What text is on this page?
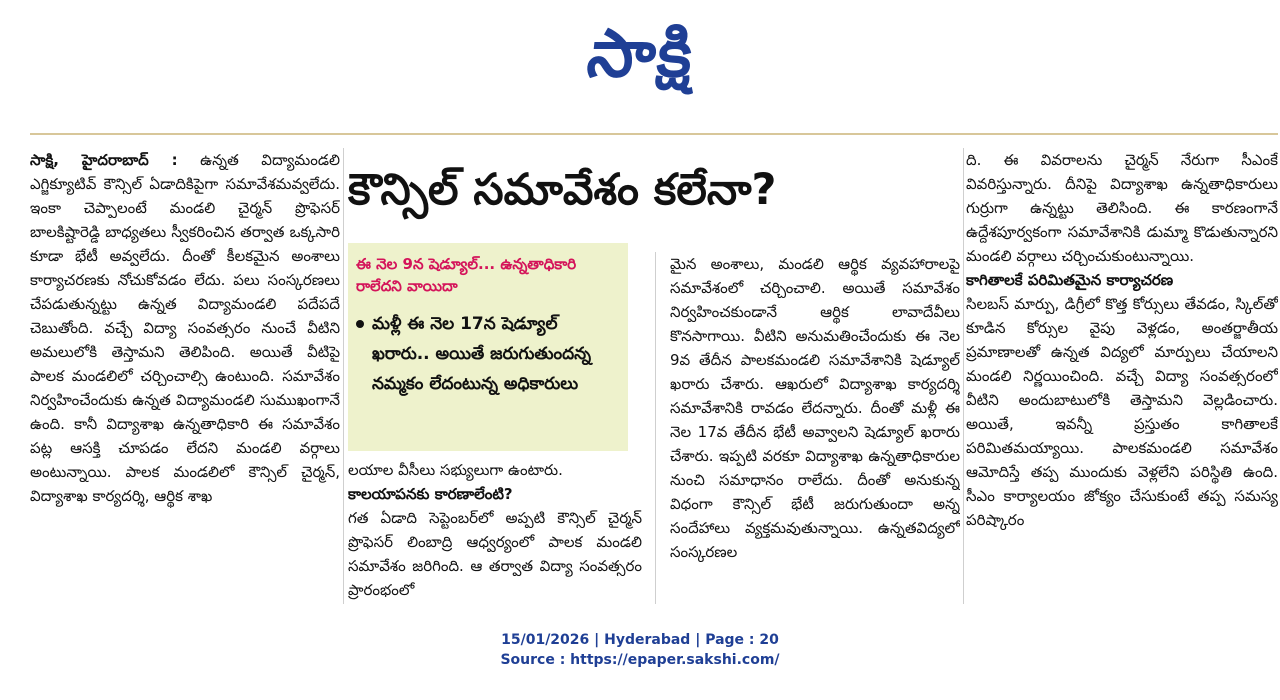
సాక్షి

సాక్షి, హైదరాబాద్ : ఉన్నత విద్యామండలి ఎగ్జిక్యూటివ్ కౌన్సిల్ ఏడాదికిపైగా సమావేశమవ్వలేదు. ఇంకా చెప్పాలంటే మండలి చైర్మన్ ప్రొఫెసర్ బాలకిష్టారెడ్డి బాధ్యతలు స్వీకరించిన తర్వాత ఒక్కసారి కూడా భేటీ అవ్వలేదు. దీంతో కీలకమైన అంశాలు కార్యాచరణకు నోచుకోవడం లేదు. పలు సంస్కరణలు చేపడుతున్నట్టు ఉన్నత విద్యామండలి పదేపదే చెబుతోంది. వచ్చే విద్యా సంవత్సరం నుంచే వీటిని అమలులోకి తెస్తామని తెలిపింది. అయితే వీటిపై పాలక మండలిలో చర్చించాల్సి ఉంటుంది. సమావేశం నిర్వహించేందుకు ఉన్నత విద్యామండలి సుముఖంగానే ఉంది. కానీ విద్యాశాఖ ఉన్నతాధికారి ఈ సమావేశం పట్ల ఆసక్తి చూపడం లేదని మండలి వర్గాలు అంటున్నాయి. పాలక మండలిలో కౌన్సిల్ చైర్మన్, విద్యాశాఖ కార్యదర్శి, ఆర్థిక శాఖ

కౌన్సిల్ సమావేశం కలేనా?
ఈ నెల 9న షెడ్యూల్... ఉన్నతాధికారి రాలేదని వాయిదా
మళ్లీ ఈ నెల 17న షెడ్యూల్ ఖరారు.. అయితే జరుగుతుందన్న నమ్మకం లేదంటున్న అధికారులు

లయాల వీసీలు సభ్యులుగా ఉంటారు.

కాలయాపనకు కారణాలేంటి?

గత ఏడాది సెప్టెంబర్‌లో అప్పటి కౌన్సిల్ చైర్మన్ ప్రొఫెసర్ లింబాద్రి ఆధ్వర్యంలో పాలక మండలి సమావేశం జరిగింది. ఆ తర్వాత విద్యా సంవత్సరం ప్రారంభంలో

మైన అంశాలు, మండలి ఆర్థిక వ్యవహారాలపై సమావేశంలో చర్చించాలి. అయితే సమావేశం నిర్వహించకుండానే ఆర్థిక లావాదేవీలు కొనసాగాయి. వీటిని అనుమతించేందుకు ఈ నెల 9వ తేదీన పాలకమండలి సమావేశానికి షెడ్యూల్ ఖరారు చేశారు. ఆఖరులో విద్యాశాఖ కార్యదర్శి సమావేశానికి రావడం లేదన్నారు. దీంతో మళ్లీ ఈ నెల 17వ తేదీన భేటీ అవ్వాలని షెడ్యూల్ ఖరారు చేశారు. ఇప్పటి వరకూ విద్యాశాఖ ఉన్నతాధికారుల నుంచి సమాధానం రాలేదు. దీంతో అనుకున్న విధంగా కౌన్సిల్ భేటీ జరుగుతుందా అన్న సందేహాలు వ్యక్తమవుతున్నాయి. ఉన్నతవిద్యలో సంస్కరణల

ది. ఈ వివరాలను చైర్మన్ నేరుగా సీఎంకే వివరిస్తున్నారు. దీనిపై విద్యాశాఖ ఉన్నతాధికారులు గుర్రుగా ఉన్నట్టు తెలిసింది. ఈ కారణంగానే ఉద్దేశపూర్వకంగా సమావేశానికి డుమ్మా కొడుతున్నారని మండలి వర్గాలు చర్చించుకుంటున్నాయి.

కాగితాలకే పరిమితమైన కార్యాచరణ

సిలబస్ మార్పు, డిగ్రీలో కొత్త కోర్సులు తేవడం, స్కిల్‌తో కూడిన కోర్సుల వైపు వెళ్లడం, అంతర్జాతీయ ప్రమాణాలతో ఉన్నత విద్యలో మార్పులు చేయాలని మండలి నిర్ణయించింది. వచ్చే విద్యా సంవత్సరంలో వీటిని అందుబాటులోకి తెస్తామని వెల్లడించారు. అయితే, ఇవన్నీ ప్రస్తుతం కాగితాలకే పరిమితమయ్యాయి. పాలకమండలి సమావేశం ఆమోదిస్తే తప్ప ముందుకు వెళ్లలేని పరిస్థితి ఉంది. సీఎం కార్యాలయం జోక్యం చేసుకుంటే తప్ప సమస్య పరిష్కారం

15/01/2026 | Hyderabad | Page : 20
Source : https://epaper.sakshi.com/
